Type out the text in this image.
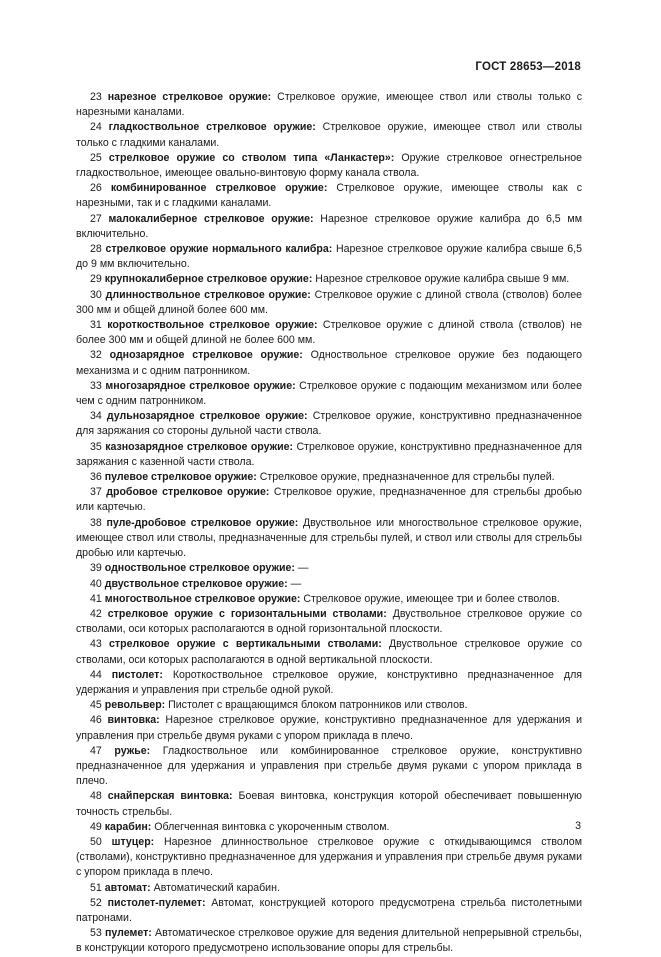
ГОСТ 28653—2018

23 нарезное стрелковое оружие: Стрелковое оружие, имеющее ствол или стволы только с нарезными каналами.

24 гладкоствольное стрелковое оружие: Стрелковое оружие, имеющее ствол или стволы только с гладкими каналами.

25 стрелковое оружие со стволом типа «Ланкастер»: Оружие стрелковое огнестрельное гладкоствольное, имеющее овально-винтовую форму канала ствола.

26 комбинированное стрелковое оружие: Стрелковое оружие, имеющее стволы как с нарезными, так и с гладкими каналами.

27 малокалиберное стрелковое оружие: Нарезное стрелковое оружие калибра до 6,5 мм включительно.

28 стрелковое оружие нормального калибра: Нарезное стрелковое оружие калибра свыше 6,5 до 9 мм включительно.

29 крупнокалиберное стрелковое оружие: Нарезное стрелковое оружие калибра свыше 9 мм.

30 длинноствольное стрелковое оружие: Стрелковое оружие с длиной ствола (стволов) более 300 мм и общей длиной более 600 мм.

31 короткоствольное стрелковое оружие: Стрелковое оружие с длиной ствола (стволов) не более 300 мм и общей длиной не более 600 мм.

32 однозарядное стрелковое оружие: Одноствольное стрелковое оружие без подающего механизма и с одним патронником.

33 многозарядное стрелковое оружие: Стрелковое оружие с подающим механизмом или более чем с одним патронником.

34 дульнозарядное стрелковое оружие: Стрелковое оружие, конструктивно предназначенное для заряжания со стороны дульной части ствола.

35 казнозарядное стрелковое оружие: Стрелковое оружие, конструктивно предназначенное для заряжания с казенной части ствола.

36 пулевое стрелковое оружие: Стрелковое оружие, предназначенное для стрельбы пулей.

37 дробовое стрелковое оружие: Стрелковое оружие, предназначенное для стрельбы дробью или картечью.

38 пуле-дробовое стрелковое оружие: Двуствольное или многоствольное стрелковое оружие, имеющее ствол или стволы, предназначенные для стрельбы пулей, и ствол или стволы для стрельбы дробью или картечью.

39 одноствольное стрелковое оружие: —

40 двуствольное стрелковое оружие: —

41 многоствольное стрелковое оружие: Стрелковое оружие, имеющее три и более стволов.

42 стрелковое оружие с горизонтальными стволами: Двуствольное стрелковое оружие со стволами, оси которых располагаются в одной горизонтальной плоскости.

43 стрелковое оружие с вертикальными стволами: Двуствольное стрелковое оружие со стволами, оси которых располагаются в одной вертикальной плоскости.

44 пистолет: Короткоствольное стрелковое оружие, конструктивно предназначенное для удержания и управления при стрельбе одной рукой.

45 револьвер: Пистолет с вращающимся блоком патронников или стволов.

46 винтовка: Нарезное стрелковое оружие, конструктивно предназначенное для удержания и управления при стрельбе двумя руками с упором приклада в плечо.

47 ружье: Гладкоствольное или комбинированное стрелковое оружие, конструктивно предназначенное для удержания и управления при стрельбе двумя руками с упором приклада в плечо.

48 снайперская винтовка: Боевая винтовка, конструкция которой обеспечивает повышенную точность стрельбы.

49 карабин: Облегченная винтовка с укороченным стволом.

50 штуцер: Нарезное длинноствольное стрелковое оружие с откидывающимся стволом (стволами), конструктивно предназначенное для удержания и управления при стрельбе двумя руками с упором приклада в плечо.

51 автомат: Автоматический карабин.

52 пистолет-пулемет: Автомат, конструкцией которого предусмотрена стрельба пистолетными патронами.

53 пулемет: Автоматическое стрелковое оружие для ведения длительной непрерывной стрельбы, в конструкции которого предусмотрено использование опоры для стрельбы.

3
